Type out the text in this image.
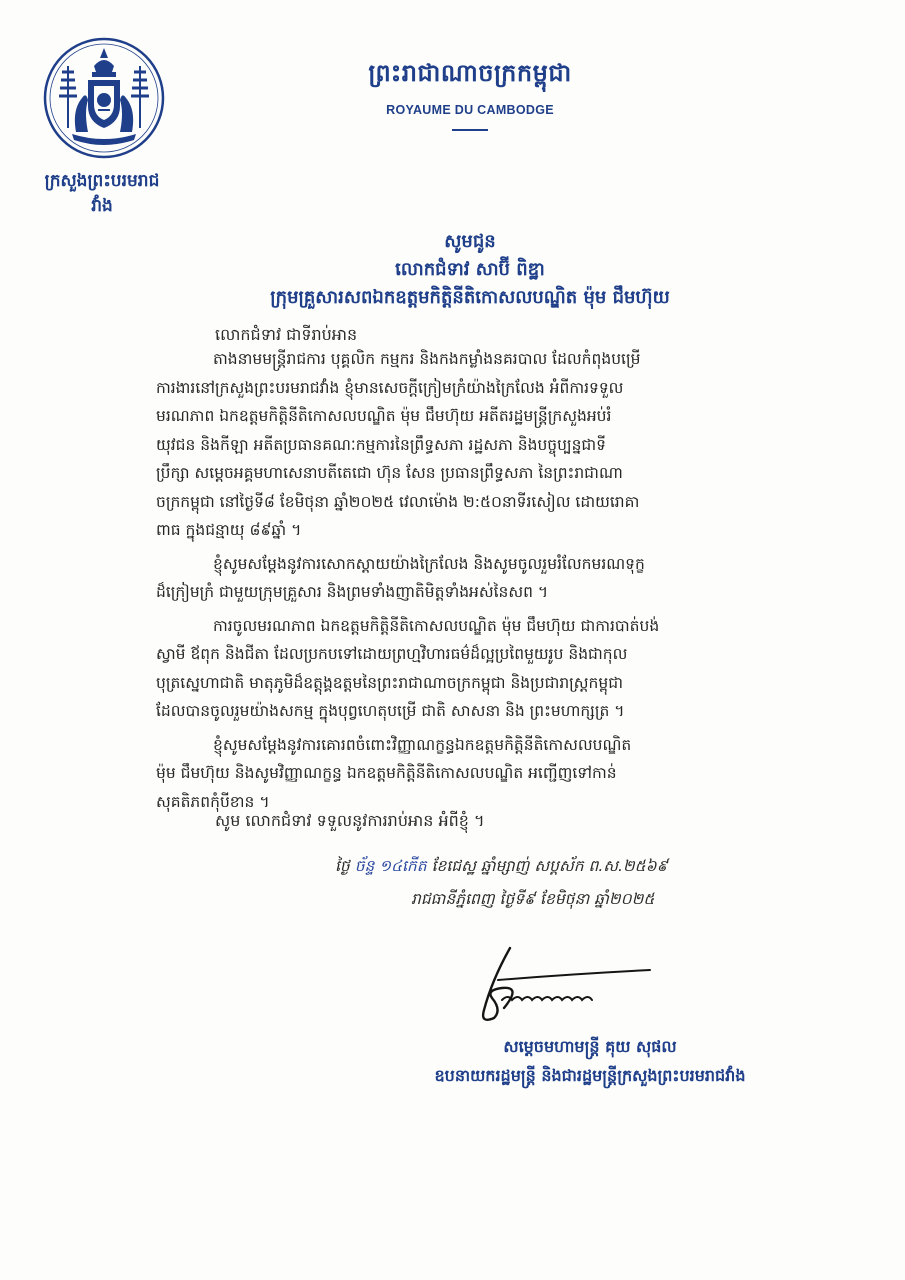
ក្រសួងព្រះបរមរាជវាំង
ព្រះរាជាណាចក្រកម្ពុជា
ROYAUME DU CAMBODGE
សូមជូន
លោកជំទាវ សាប៊ី ពិឌ្ឋា
ក្រុមគ្រួសារសពឯកឧត្តមកិត្តិនីតិកោសលបណ្ឌិត ម៉ុម ជឹមហ៊ុយ
លោកជំទាវ ជាទីរាប់អាន
តាងនាមមន្ត្រីរាជការ បុគ្គលិក កម្មករ និងកងកម្លាំងនគរបាល ដែលកំពុងបម្រើ
ការងារនៅក្រសួងព្រះបរមរាជវាំង ខ្ញុំមានសេចក្តីក្រៀមក្រំយ៉ាងក្រៃលែង អំពីការទទួល
មរណភាព ឯកឧត្តមកិត្តិនីតិកោសលបណ្ឌិត ម៉ុម ជឹមហ៊ុយ អតីតរដ្ឋមន្ត្រីក្រសួងអប់រំ
យុវជន និងកីឡា អតីតប្រធានគណៈកម្មការនៃព្រឹទ្ធសភា រដ្ឋសភា និងបច្ចុប្បន្នជាទី
ប្រឹក្សា សម្តេចអគ្គមហាសេនាបតីតេជោ ហ៊ុន សែន ប្រធានព្រឹទ្ធសភា នៃព្រះរាជាណា
ចក្រកម្ពុជា នៅថ្ងៃទី៨ ខែមិថុនា ឆ្នាំ២០២៥ វេលាម៉ោង ២:៥០នាទីរសៀល ដោយរោគា
ពាធ ក្នុងជន្មាយុ ៨៩ឆ្នាំ ។
ខ្ញុំសូមសម្តែងនូវការសោកស្តាយយ៉ាងក្រៃលែង និងសូមចូលរួមរំលែកមរណទុក្ខ
ដ៏ក្រៀមក្រំ ជាមួយក្រុមគ្រួសារ និងព្រមទាំងញាតិមិត្តទាំងអស់នៃសព ។
ការចូលមរណភាព ឯកឧត្តមកិត្តិនីតិកោសលបណ្ឌិត ម៉ុម ជឹមហ៊ុយ ជាការបាត់បង់
ស្វាមី ឪពុក និងជីតា ដែលប្រកបទៅដោយព្រហ្មវិហារធម៌ដ៏ល្អប្រពៃមួយរូប និងជាកុល
បុត្រស្នេហាជាតិ មាតុភូមិដ៏ឧត្តុង្គឧត្តមនៃព្រះរាជាណាចក្រកម្ពុជា និងប្រជារាស្ត្រកម្ពុជា
ដែលបានចូលរួមយ៉ាងសកម្ម ក្នុងបុព្វហេតុបម្រើ ជាតិ សាសនា និង ព្រះមហាក្សត្រ ។
ខ្ញុំសូមសម្តែងនូវការគោរពចំពោះវិញ្ញាណក្ខន្ធឯកឧត្តមកិត្តិនីតិកោសលបណ្ឌិត
ម៉ុម ជឹមហ៊ុយ និងសូមវិញ្ញាណក្ខន្ធ ឯកឧត្តមកិត្តិនីតិកោសលបណ្ឌិត អញ្ជើញទៅកាន់
សុគតិភពកុំបីខាន ។
សូម លោកជំទាវ ទទួលនូវការរាប់អាន អំពីខ្ញុំ ។
ថ្ងៃ ច័ន្ទ ១៤កើត ខែជេស្ឋ ឆ្នាំម្សាញ់ សប្តស័ក ព.ស.២៥៦៩
រាជធានីភ្នំពេញ ថ្ងៃទី៩ ខែមិថុនា ឆ្នាំ២០២៥
សម្តេចមហាមន្ត្រី គុយ សុផល
ឧបនាយករដ្ឋមន្ត្រី និងជារដ្ឋមន្ត្រីក្រសួងព្រះបរមរាជវាំង
